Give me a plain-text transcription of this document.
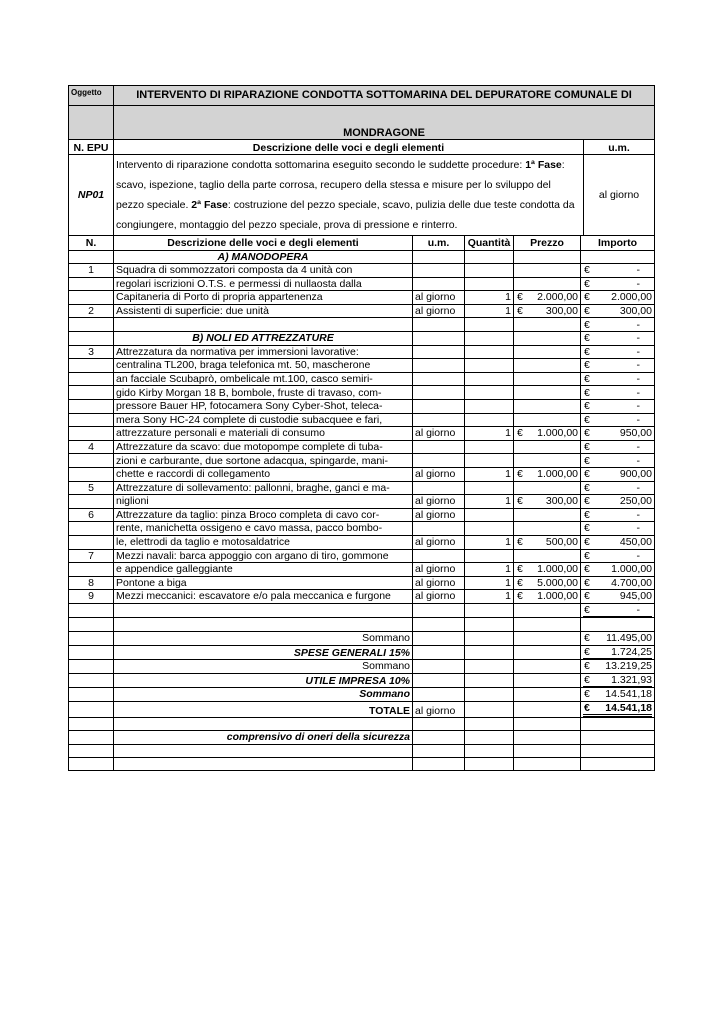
Oggetto	INTERVENTO DI RIPARAZIONE CONDOTTA SOTTOMARINA DEL DEPURATORE COMUNALE DI	
	MONDRAGONE	
N. EPU	Descrizione delle voci e degli elementi	u.m.
NP01	Intervento di riparazione condotta sottomarina eseguito secondo le suddette procedure: 1ª Fase: scavo, ispezione, taglio della parte corrosa, recupero della stessa e misure per lo sviluppo del pezzo speciale. 2ª Fase: costruzione del pezzo speciale, scavo, pulizia delle due teste condotta da congiungere, montaggio del pezzo speciale, prova di pressione e rinterro.	al giorno
N.	Descrizione delle voci e degli elementi	u.m.	Quantità	Prezzo	Importo
	A) MANODOPERA				
1	Squadra di sommozzatori composta da 4 unità con				€ -

	regolari iscrizioni O.T.S. e permessi di nullaosta dalla				€ -

	Capitaneria di Porto di propria appartenenza	al giorno	1	€ 2.000,00	€ 2.000,00

2	Assistenti di superficie: due unità	al giorno	1	€ 300,00	€ 300,00

					€ -

	B) NOLI ED ATTREZZATURE				€ -

3	Attrezzatura da normativa per immersioni lavorative:				€ -

	centralina TL200, braga telefonica mt. 50, mascherone				€ -

	an facciale Scubaprò, ombelicale mt.100, casco semiri-				€ -

	gido Kirby Morgan 18 B, bombole, fruste di travaso, com-				€ -

	pressore Bauer HP, fotocamera Sony Cyber-Shot, teleca-				€ -

	mera Sony HC-24 complete di custodie subacquee e fari,				€ -

	attrezzature personali e materiali di consumo	al giorno	1	€ 1.000,00	€ 950,00

4	Attrezzature da scavo: due motopompe complete di tuba-				€ -

	zioni e carburante, due sortone adacqua, spingarde, mani-				€ -

	chette e raccordi di collegamento	al giorno	1	€ 1.000,00	€ 900,00

5	Attrezzature di sollevamento: pallonni, braghe, ganci e ma-				€ -

	niglioni	al giorno	1	€ 300,00	€ 250,00

6	Attrezzature da taglio: pinza Broco completa di cavo cor-	al giorno			€ -

	rente, manichetta ossigeno e cavo massa, pacco bombo-				€ -

	le, elettrodi da taglio e motosaldatrice	al giorno	1	€ 500,00	€ 450,00

7	Mezzi navali: barca appoggio con argano di tiro, gommone				€ -

	e appendice galleggiante	al giorno	1	€ 1.000,00	€ 1.000,00

8	Pontone a biga	al giorno	1	€ 5.000,00	€ 4.700,00

9	Mezzi meccanici: escavatore e/o pala meccanica e furgone	al giorno	1	€ 1.000,00	€ 945,00

					€ -

	Sommano				€ 11.495,00

	SPESE GENERALI 15%				€ 1.724,25

	Sommano				€ 13.219,25

	UTILE IMPRESA 10%				€ 1.321,93

	Sommano				€ 14.541,18

	TOTALE	al giorno			€ 14.541,18

	comprensivo di oneri della sicurezza				
